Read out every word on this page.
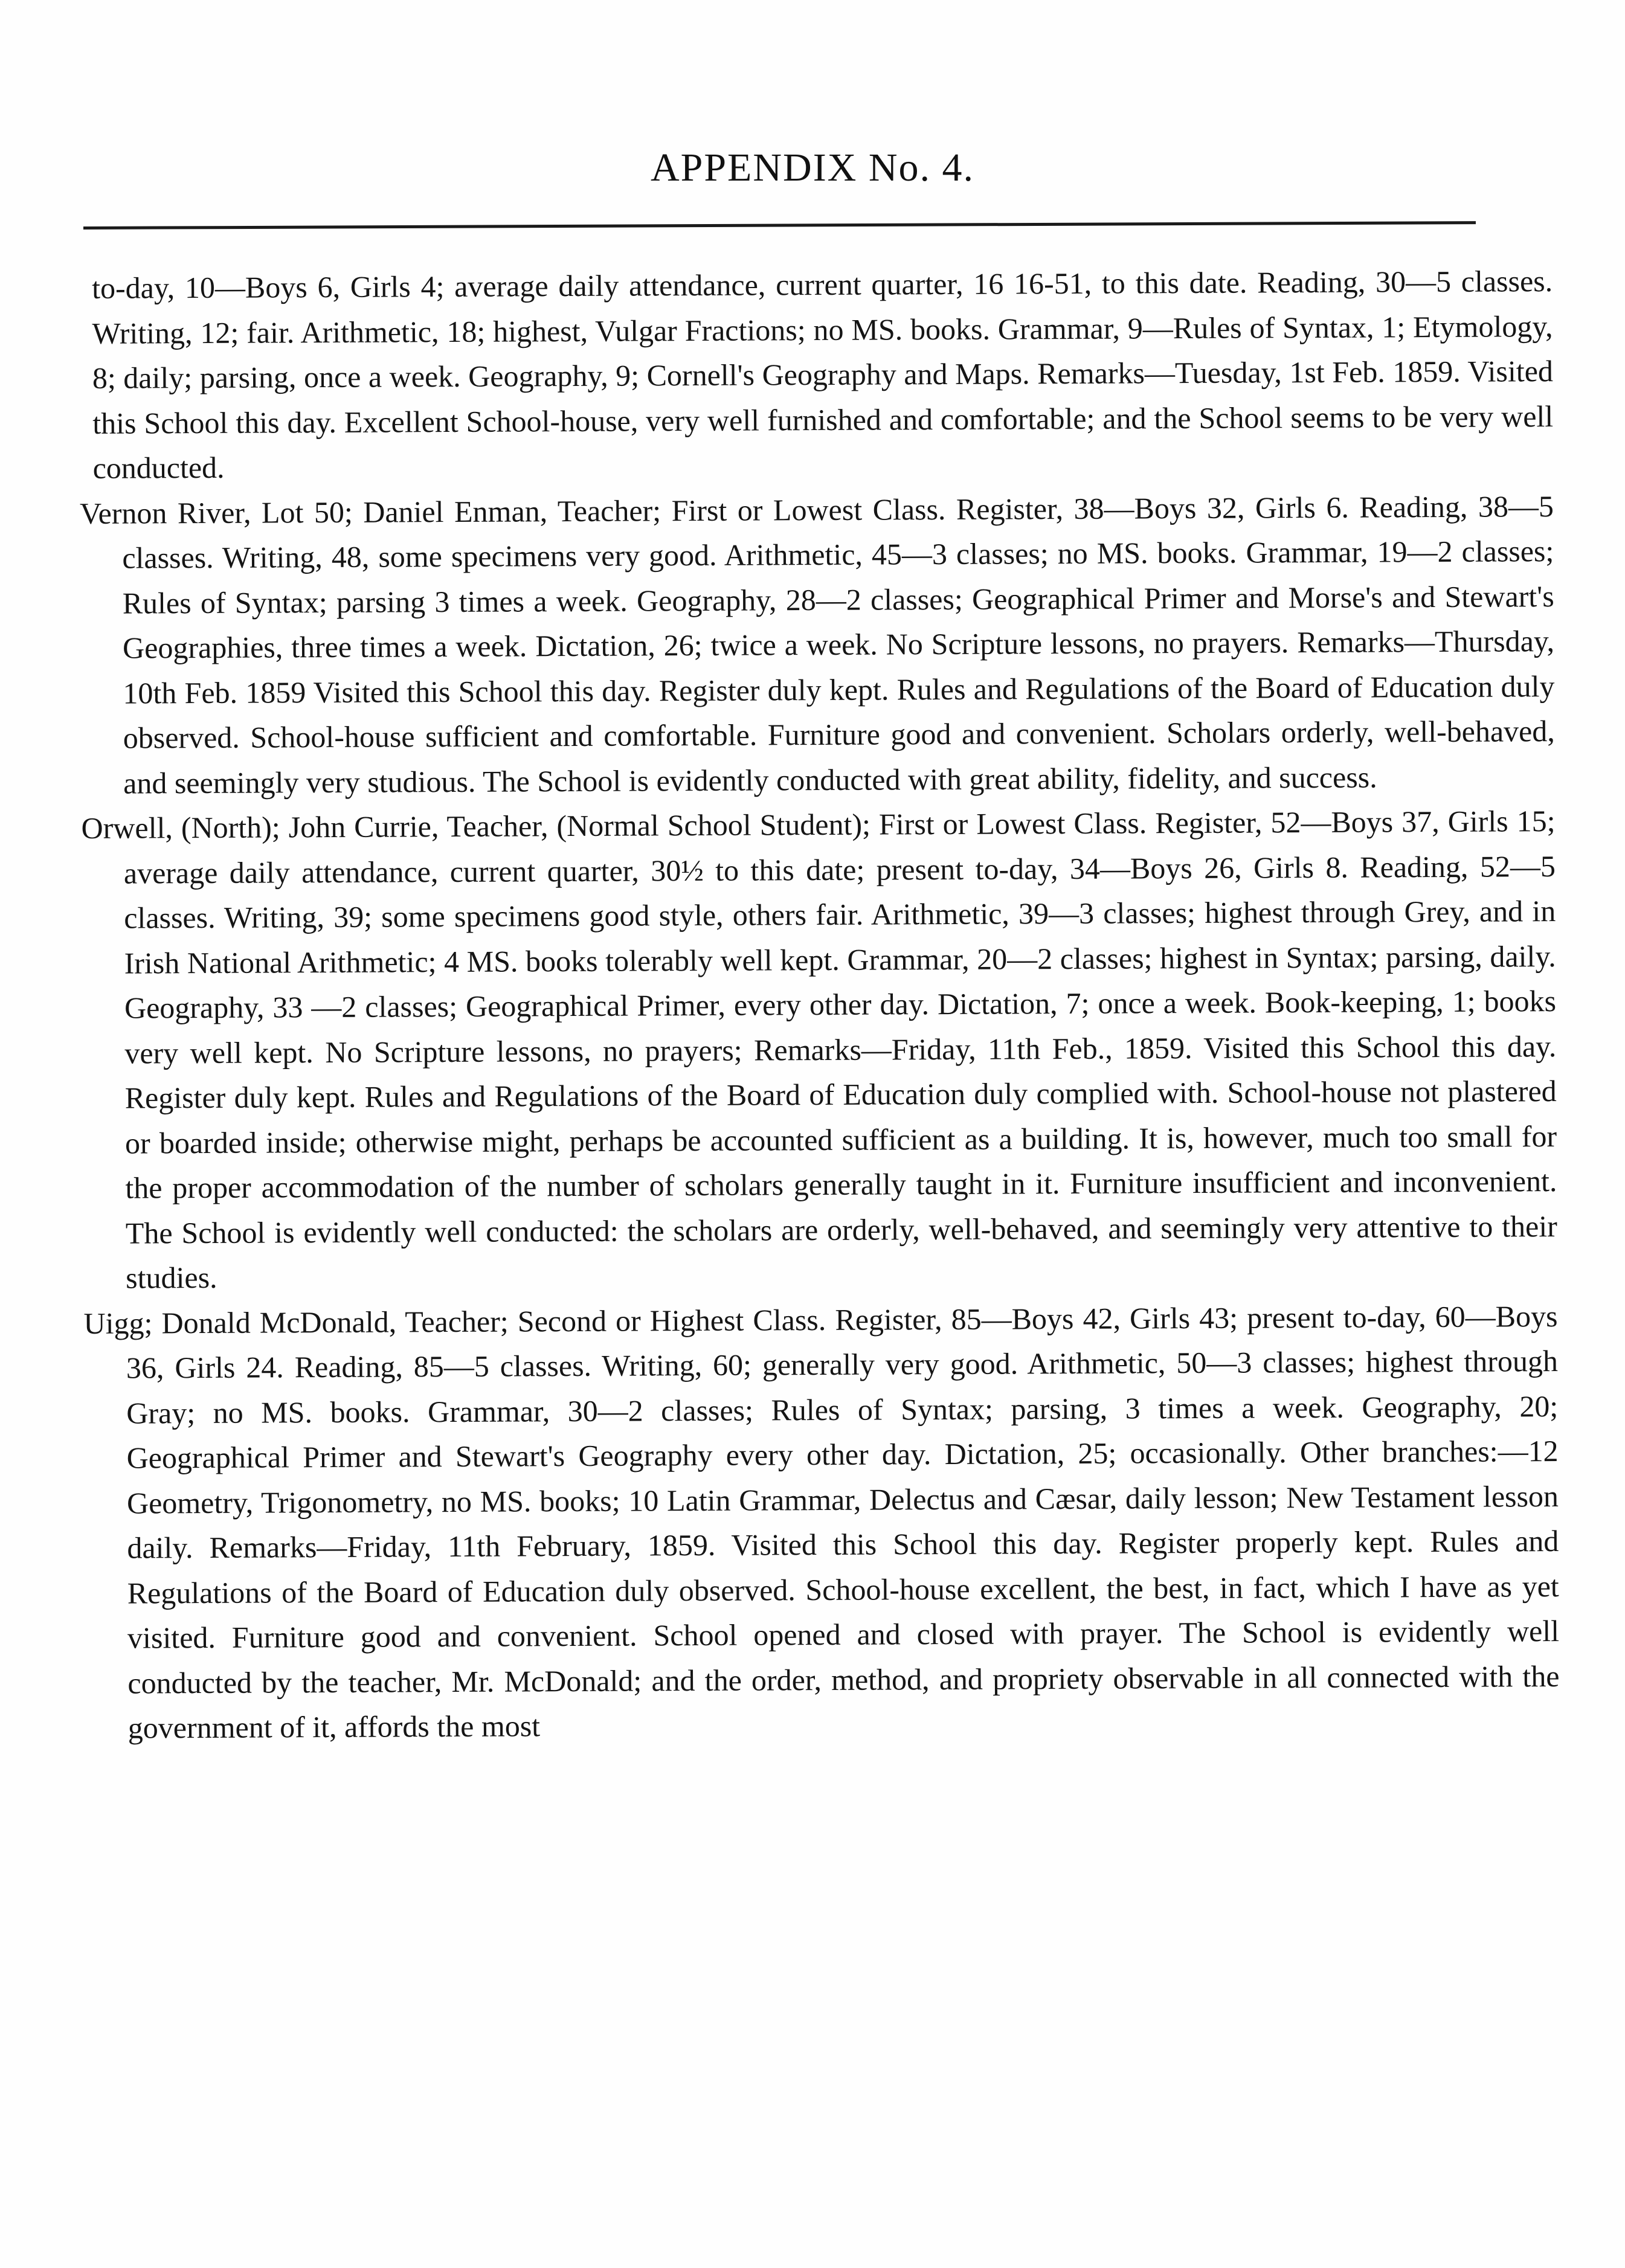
APPENDIX No. 4.

to-day, 10—Boys 6, Girls 4; average daily attendance, current quarter, 16 16-51, to this date. Reading, 30—5 classes. Writing, 12; fair. Arithmetic, 18; highest, Vulgar Fractions; no MS. books. Grammar, 9—Rules of Syntax, 1; Etymology, 8; daily; parsing, once a week. Geography, 9; Cornell's Geography and Maps. Remarks—Tuesday, 1st Feb. 1859. Visited this School this day. Excellent School-house, very well furnished and comfortable; and the School seems to be very well conducted.

Vernon River, Lot 50; Daniel Enman, Teacher; First or Lowest Class. Register, 38—Boys 32, Girls 6. Reading, 38—5 classes. Writing, 48, some specimens very good. Arithmetic, 45—3 classes; no MS. books. Grammar, 19—2 classes; Rules of Syntax; parsing 3 times a week. Geography, 28—2 classes; Geographical Primer and Morse's and Stewart's Geographies, three times a week. Dictation, 26; twice a week. No Scripture lessons, no prayers. Remarks—Thursday, 10th Feb. 1859 Visited this School this day. Register duly kept. Rules and Regulations of the Board of Education duly observed. School-house sufficient and comfortable. Furniture good and convenient. Scholars orderly, well-behaved, and seemingly very studious. The School is evidently conducted with great ability, fidelity, and success.

Orwell, (North); John Currie, Teacher, (Normal School Student); First or Lowest Class. Register, 52—Boys 37, Girls 15; average daily attendance, current quarter, 30½ to this date; present to-day, 34—Boys 26, Girls 8. Reading, 52—5 classes. Writing, 39; some specimens good style, others fair. Arithmetic, 39—3 classes; highest through Grey, and in Irish National Arithmetic; 4 MS. books tolerably well kept. Grammar, 20—2 classes; highest in Syntax; parsing, daily. Geography, 33 —2 classes; Geographical Primer, every other day. Dictation, 7; once a week. Book-keeping, 1; books very well kept. No Scripture lessons, no prayers; Remarks—Friday, 11th Feb., 1859. Visited this School this day. Register duly kept. Rules and Regulations of the Board of Education duly complied with. School-house not plastered or boarded inside; otherwise might, perhaps be accounted sufficient as a building. It is, however, much too small for the proper accommodation of the number of scholars generally taught in it. Furniture insufficient and inconvenient. The School is evidently well conducted: the scholars are orderly, well-behaved, and seemingly very attentive to their studies.

Uigg; Donald McDonald, Teacher; Second or Highest Class. Register, 85—Boys 42, Girls 43; present to-day, 60—Boys 36, Girls 24. Reading, 85—5 classes. Writing, 60; generally very good. Arithmetic, 50—3 classes; highest through Gray; no MS. books. Grammar, 30—2 classes; Rules of Syntax; parsing, 3 times a week. Geography, 20; Geographical Primer and Stewart's Geography every other day. Dictation, 25; occasionally. Other branches:—12 Geometry, Trigonometry, no MS. books; 10 Latin Grammar, Delectus and Cæsar, daily lesson; New Testament lesson daily. Remarks—Friday, 11th February, 1859. Visited this School this day. Register properly kept. Rules and Regulations of the Board of Education duly observed. School-house excellent, the best, in fact, which I have as yet visited. Furniture good and convenient. School opened and closed with prayer. The School is evidently well conducted by the teacher, Mr. McDonald; and the order, method, and propriety observable in all connected with the government of it, affords the most
